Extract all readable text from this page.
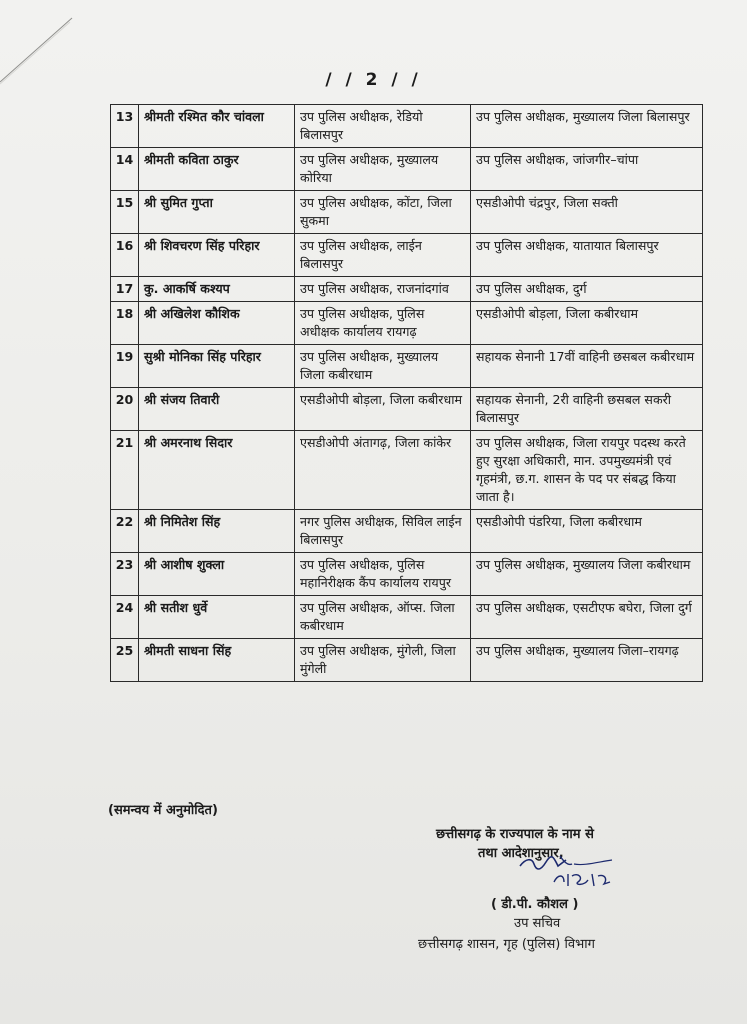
/ / 2 / /
13	श्रीमती रश्मित कौर चांवला	उप पुलिस अधीक्षक, रेडियो बिलासपुर	उप पुलिस अधीक्षक, मुख्यालय जिला बिलासपुर
14	श्रीमती कविता ठाकुर	उप पुलिस अधीक्षक, मुख्यालय कोरिया	उप पुलिस अधीक्षक, जांजगीर–चांपा
15	श्री सुमित गुप्ता	उप पुलिस अधीक्षक, कोंटा, जिला सुकमा	एसडीओपी चंद्रपुर, जिला सक्ती
16	श्री शिवचरण सिंह परिहार	उप पुलिस अधीक्षक, लाईन बिलासपुर	उप पुलिस अधीक्षक, यातायात बिलासपुर
17	कु. आकर्षि कश्यप	उप पुलिस अधीक्षक, राजनांदगांव	उप पुलिस अधीक्षक, दुर्ग
18	श्री अखिलेश कौशिक	उप पुलिस अधीक्षक, पुलिस अधीक्षक कार्यालय रायगढ़	एसडीओपी बोड़ला, जिला कबीरधाम
19	सुश्री मोनिका सिंह परिहार	उप पुलिस अधीक्षक, मुख्यालय जिला कबीरधाम	सहायक सेनानी 17वीं वाहिनी छसबल कबीरधाम
20	श्री संजय तिवारी	एसडीओपी बोड़ला, जिला कबीरधाम	सहायक सेनानी, 2री वाहिनी छसबल सकरी बिलासपुर
21	श्री अमरनाथ सिदार	एसडीओपी अंतागढ़, जिला कांकेर	उप पुलिस अधीक्षक, जिला रायपुर पदस्थ करते हुए सुरक्षा अधिकारी, मान. उपमुख्यमंत्री एवं गृहमंत्री, छ.ग. शासन के पद पर संबद्ध किया जाता है।
22	श्री निमितेश सिंह	नगर पुलिस अधीक्षक, सिविल लाईन बिलासपुर	एसडीओपी पंडरिया, जिला कबीरधाम
23	श्री आशीष शुक्ला	उप पुलिस अधीक्षक, पुलिस महानिरीक्षक कैंप कार्यालय रायपुर	उप पुलिस अधीक्षक, मुख्यालय जिला कबीरधाम
24	श्री सतीश धुर्वे	उप पुलिस अधीक्षक, ऑप्स. जिला कबीरधाम	उप पुलिस अधीक्षक, एसटीएफ बघेरा, जिला दुर्ग
25	श्रीमती साधना सिंह	उप पुलिस अधीक्षक, मुंगेली, जिला मुंगेली	उप पुलिस अधीक्षक, मुख्यालय जिला–रायगढ़
(समन्वय में अनुमोदित)
छत्तीसगढ़ के राज्यपाल के नाम से
तथा आदेशानुसार,
( डी.पी. कौशल )
उप सचिव
छत्तीसगढ़ शासन, गृह (पुलिस) विभाग
